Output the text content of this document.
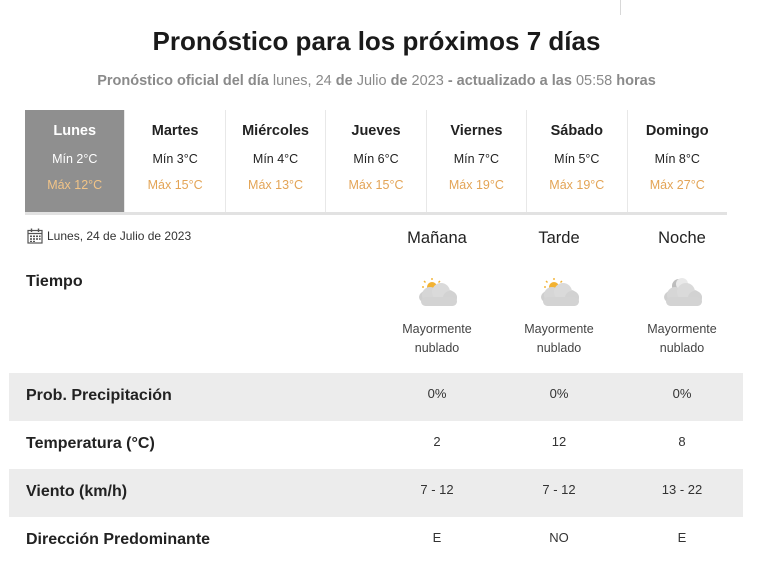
Pronóstico para los próximos 7 días
Pronóstico oficial del día lunes, 24 de Julio de 2023 - actualizado a las 05:58 horas
Lunes
Mín 2°C
Máx 12°C
Martes
Mín 3°C
Máx 15°C
Miércoles
Mín 4°C
Máx 13°C
Jueves
Mín 6°C
Máx 15°C
Viernes
Mín 7°C
Máx 19°C
Sábado
Mín 5°C
Máx 19°C
Domingo
Mín 8°C
Máx 27°C
Lunes, 24 de Julio de 2023	Mañana	Tarde	Noche
Tiempo
Mayormente
nublado
Mayormente
nublado
Mayormente
nublado
Prob. Precipitación	0%	0%	0%
Temperatura (°C)	2	12	8
Viento (km/h)	7 - 12	7 - 12	13 - 22
Dirección Predominante	E	NO	E
